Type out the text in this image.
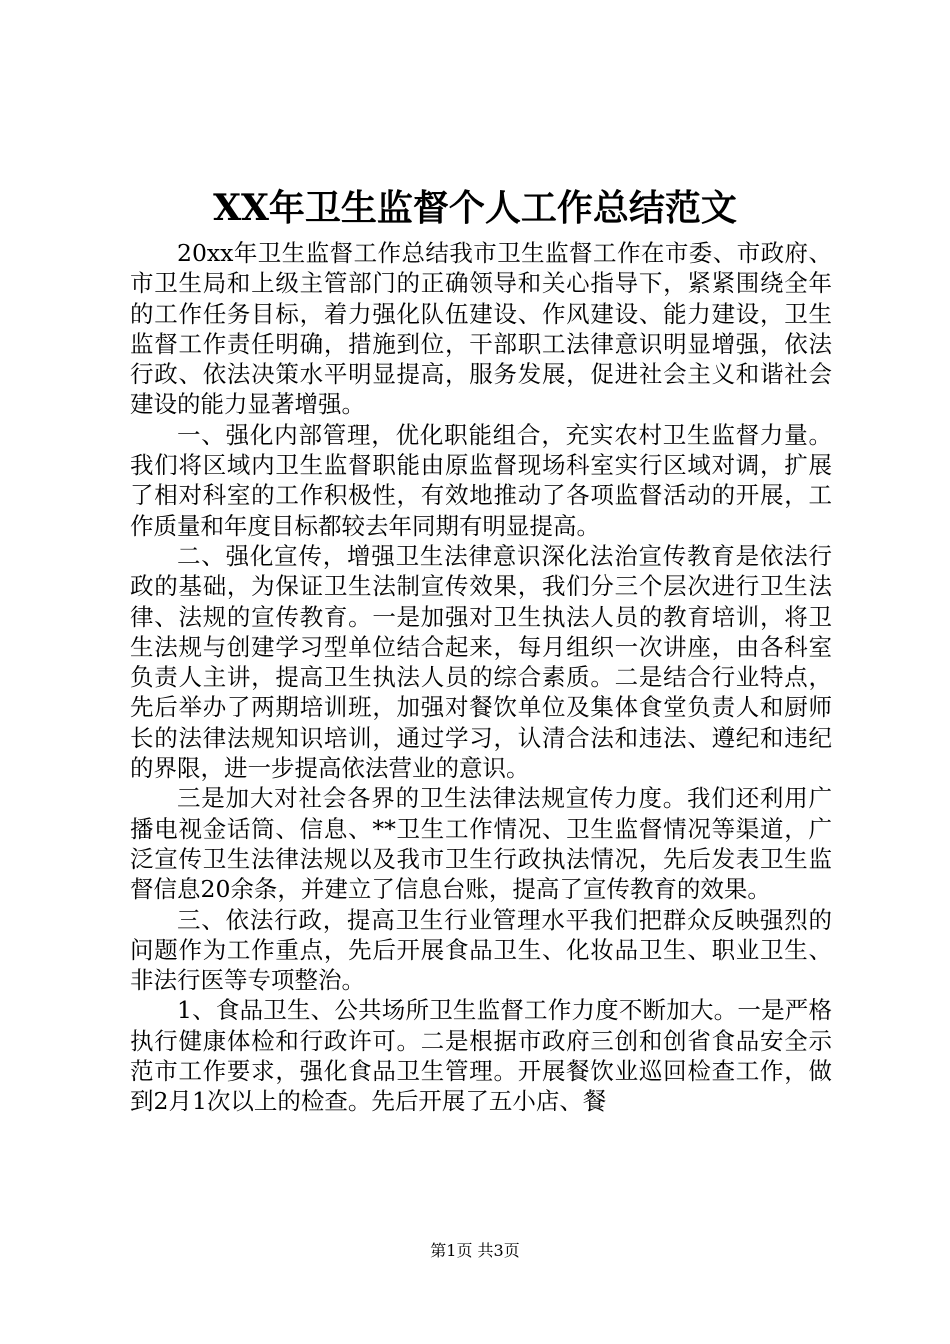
XX年卫生监督个人工作总结范文

20xx年卫生监督工作总结我市卫生监督工作在市委、市政府、市卫生局和上级主管部门的正确领导和关心指导下，紧紧围绕全年的工作任务目标，着力强化队伍建设、作风建设、能力建设，卫生监督工作责任明确，措施到位，干部职工法律意识明显增强，依法行政、依法决策水平明显提高，服务发展，促进社会主义和谐社会建设的能力显著增强。

一、强化内部管理，优化职能组合，充实农村卫生监督力量。我们将区域内卫生监督职能由原监督现场科室实行区域对调，扩展了相对科室的工作积极性，有效地推动了各项监督活动的开展，工作质量和年度目标都较去年同期有明显提高。

二、强化宣传，增强卫生法律意识深化法治宣传教育是依法行政的基础，为保证卫生法制宣传效果，我们分三个层次进行卫生法律、法规的宣传教育。一是加强对卫生执法人员的教育培训，将卫生法规与创建学习型单位结合起来，每月组织一次讲座，由各科室负责人主讲，提高卫生执法人员的综合素质。二是结合行业特点，先后举办了两期培训班，加强对餐饮单位及集体食堂负责人和厨师长的法律法规知识培训，通过学习，认清合法和违法、遵纪和违纪的界限，进一步提高依法营业的意识。

三是加大对社会各界的卫生法律法规宣传力度。我们还利用广播电视金话筒、信息、**卫生工作情况、卫生监督情况等渠道，广泛宣传卫生法律法规以及我市卫生行政执法情况，先后发表卫生监督信息20余条，并建立了信息台账，提高了宣传教育的效果。

三、依法行政，提高卫生行业管理水平我们把群众反映强烈的问题作为工作重点，先后开展食品卫生、化妆品卫生、职业卫生、非法行医等专项整治。

1、食品卫生、公共场所卫生监督工作力度不断加大。一是严格执行健康体检和行政许可。二是根据市政府三创和创省食品安全示范市工作要求，强化食品卫生管理。开展餐饮业巡回检查工作，做到2月1次以上的检查。先后开展了五小店、餐

第1页 共3页
